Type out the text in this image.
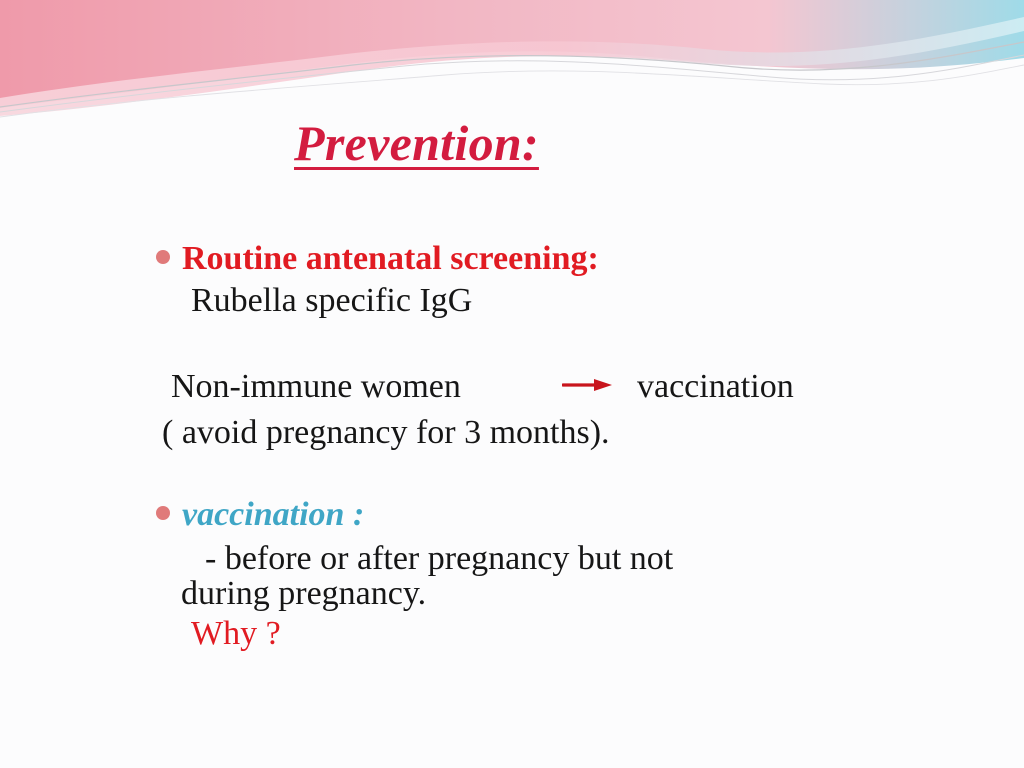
Prevention:
Routine antenatal screening:
Rubella specific IgG
Non-immune women	vaccination
( avoid pregnancy for 3 months).
vaccination :
- before or after pregnancy but not
during pregnancy.
Why ?
